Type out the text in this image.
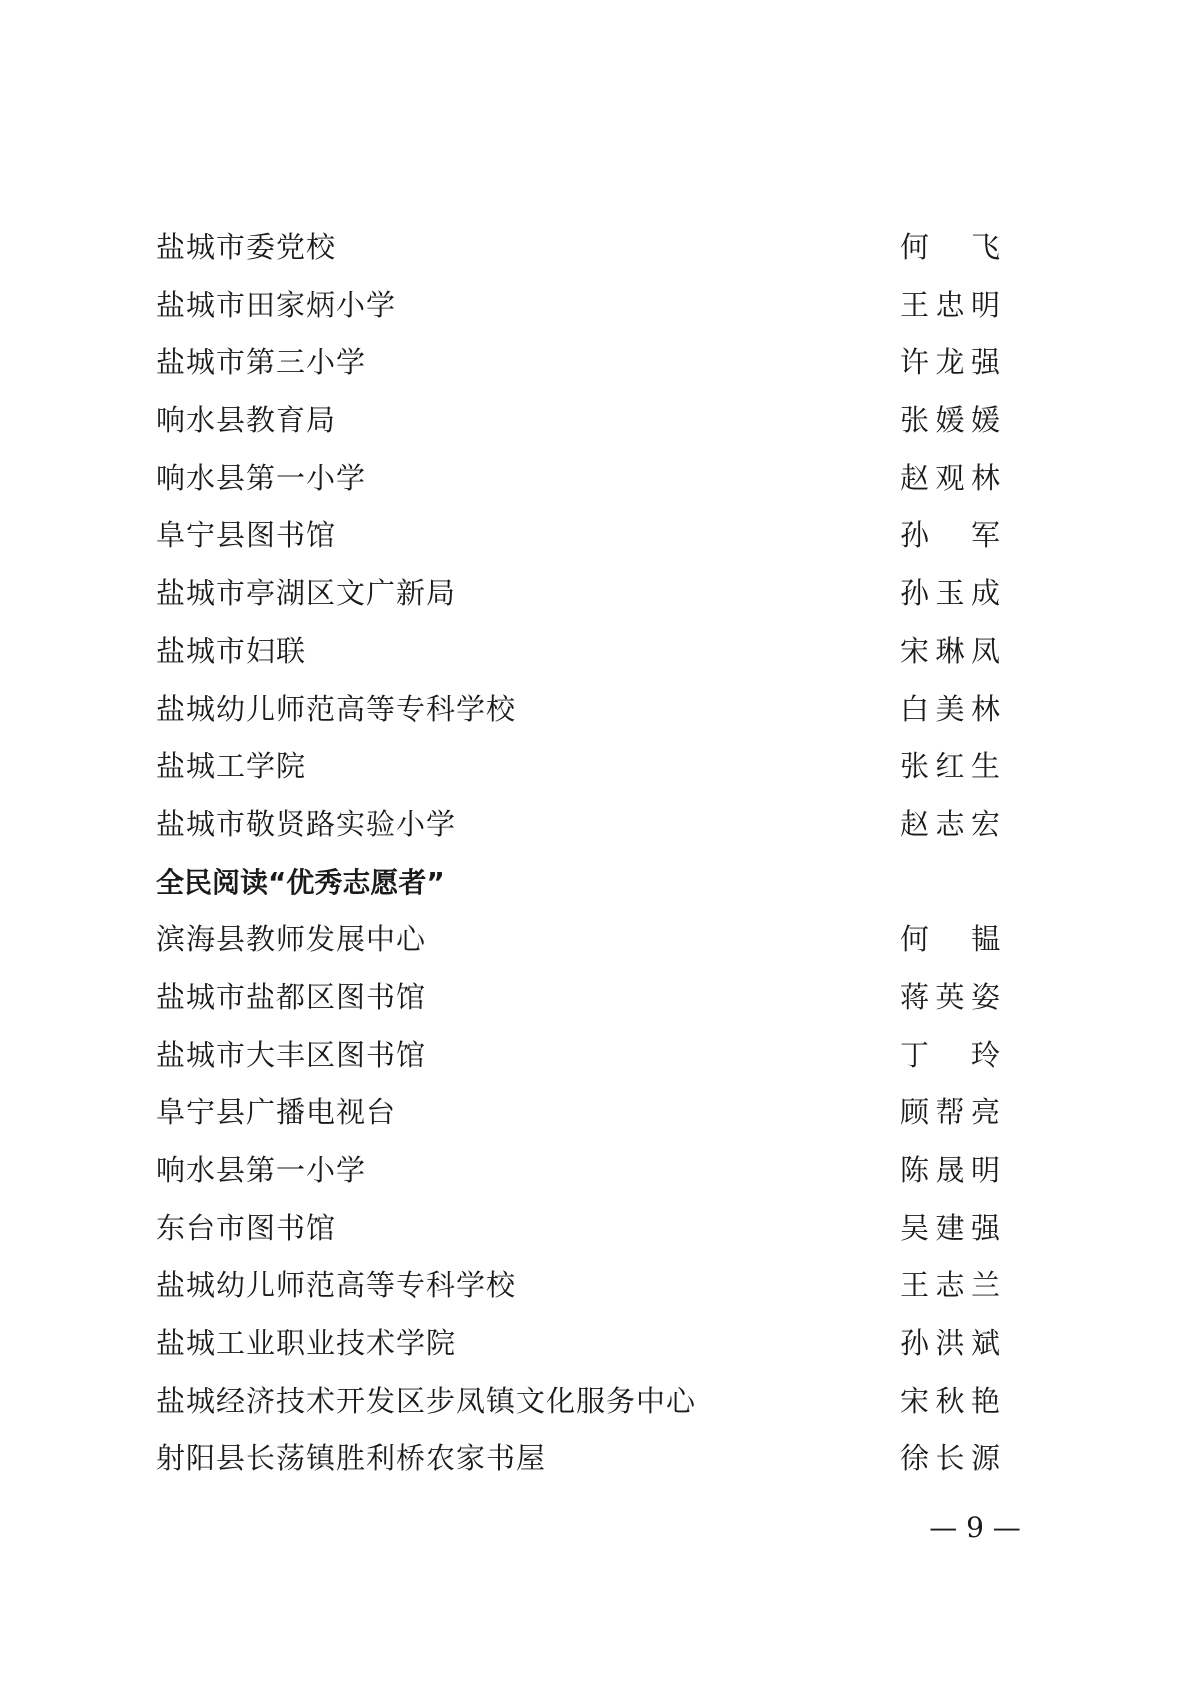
盐城市委党校	何飞
盐城市田家炳小学	王忠明
盐城市第三小学	许龙强
响水县教育局	张媛媛
响水县第一小学	赵观林
阜宁县图书馆	孙军
盐城市亭湖区文广新局	孙玉成
盐城市妇联	宋琳凤
盐城幼儿师范高等专科学校	白美林
盐城工学院	张红生
盐城市敬贤路实验小学	赵志宏
全民阅读“优秀志愿者”
滨海县教师发展中心	何韫
盐城市盐都区图书馆	蒋英姿
盐城市大丰区图书馆	丁玲
阜宁县广播电视台	顾帮亮
响水县第一小学	陈晟明
东台市图书馆	吴建强
盐城幼儿师范高等专科学校	王志兰
盐城工业职业技术学院	孙洪斌
盐城经济技术开发区步凤镇文化服务中心	宋秋艳
射阳县长荡镇胜利桥农家书屋	徐长源
— 9 —
